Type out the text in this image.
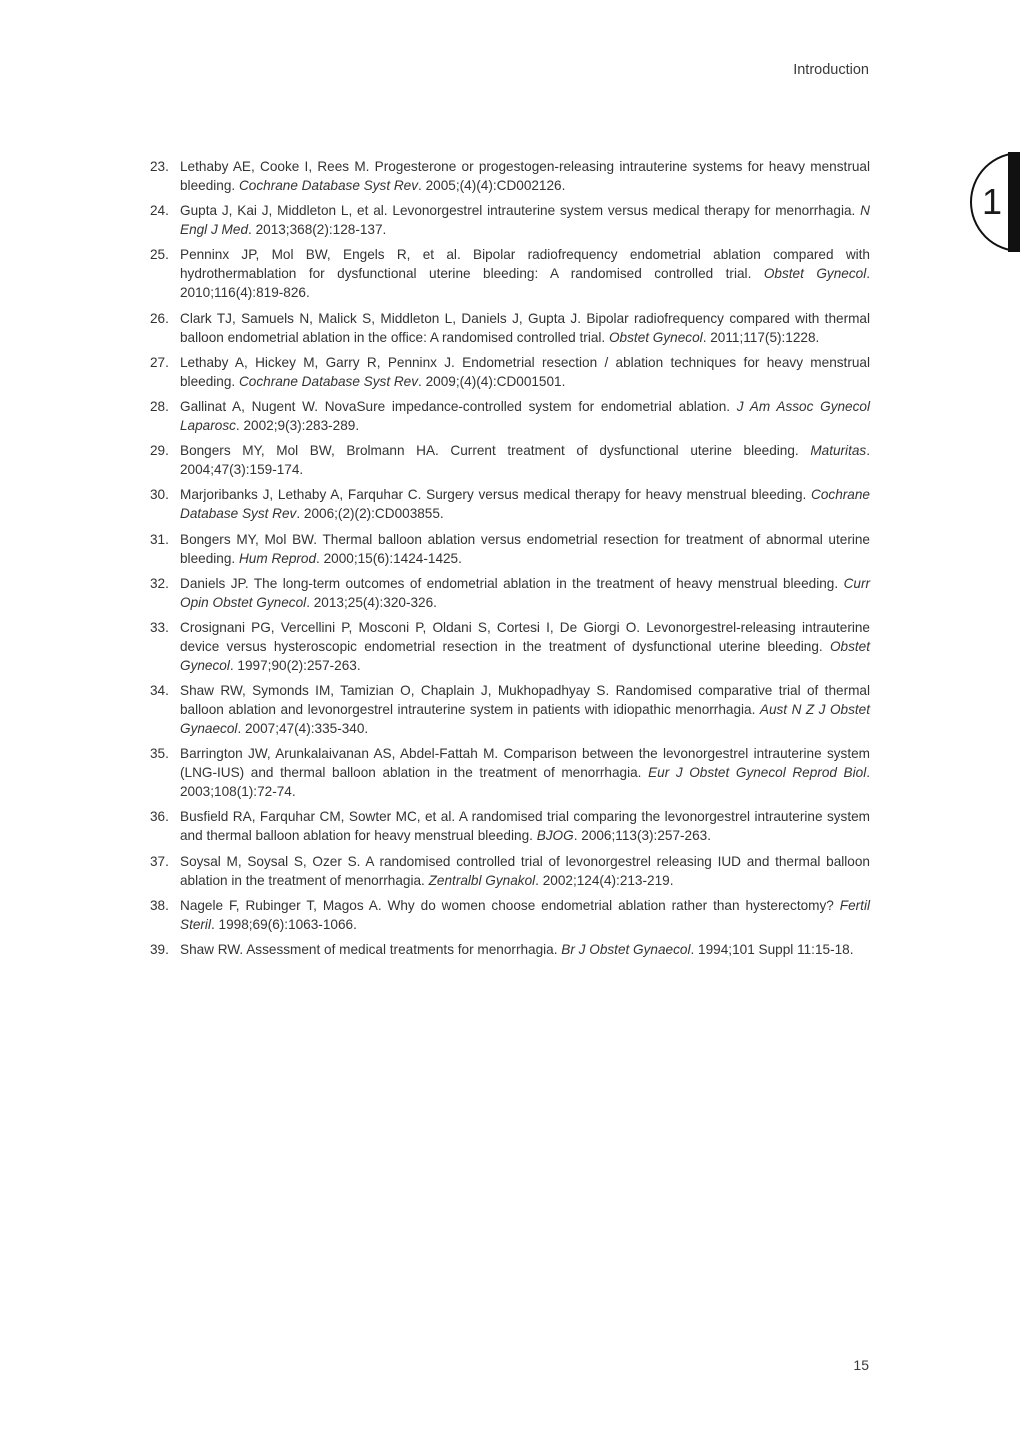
Introduction
1
23. Lethaby AE, Cooke I, Rees M. Progesterone or progestogen-releasing intrauterine systems for heavy menstrual bleeding. Cochrane Database Syst Rev. 2005;(4)(4):CD002126.
24. Gupta J, Kai J, Middleton L, et al. Levonorgestrel intrauterine system versus medical therapy for menorrhagia. N Engl J Med. 2013;368(2):128-137.
25. Penninx JP, Mol BW, Engels R, et al. Bipolar radiofrequency endometrial ablation compared with hydrothermablation for dysfunctional uterine bleeding: A randomised controlled trial. Obstet Gynecol. 2010;116(4):819-826.
26. Clark TJ, Samuels N, Malick S, Middleton L, Daniels J, Gupta J. Bipolar radiofrequency compared with thermal balloon endometrial ablation in the office: A randomised controlled trial. Obstet Gynecol. 2011;117(5):1228.
27. Lethaby A, Hickey M, Garry R, Penninx J. Endometrial resection / ablation techniques for heavy menstrual bleeding. Cochrane Database Syst Rev. 2009;(4)(4):CD001501.
28. Gallinat A, Nugent W. NovaSure impedance-controlled system for endometrial ablation. J Am Assoc Gynecol Laparosc. 2002;9(3):283-289.
29. Bongers MY, Mol BW, Brolmann HA. Current treatment of dysfunctional uterine bleeding. Maturitas. 2004;47(3):159-174.
30. Marjoribanks J, Lethaby A, Farquhar C. Surgery versus medical therapy for heavy menstrual bleeding. Cochrane Database Syst Rev. 2006;(2)(2):CD003855.
31. Bongers MY, Mol BW. Thermal balloon ablation versus endometrial resection for treatment of abnormal uterine bleeding. Hum Reprod. 2000;15(6):1424-1425.
32. Daniels JP. The long-term outcomes of endometrial ablation in the treatment of heavy menstrual bleeding. Curr Opin Obstet Gynecol. 2013;25(4):320-326.
33. Crosignani PG, Vercellini P, Mosconi P, Oldani S, Cortesi I, De Giorgi O. Levonorgestrel-releasing intrauterine device versus hysteroscopic endometrial resection in the treatment of dysfunctional uterine bleeding. Obstet Gynecol. 1997;90(2):257-263.
34. Shaw RW, Symonds IM, Tamizian O, Chaplain J, Mukhopadhyay S. Randomised comparative trial of thermal balloon ablation and levonorgestrel intrauterine system in patients with idiopathic menorrhagia. Aust N Z J Obstet Gynaecol. 2007;47(4):335-340.
35. Barrington JW, Arunkalaivanan AS, Abdel-Fattah M. Comparison between the levonorgestrel intrauterine system (LNG-IUS) and thermal balloon ablation in the treatment of menorrhagia. Eur J Obstet Gynecol Reprod Biol. 2003;108(1):72-74.
36. Busfield RA, Farquhar CM, Sowter MC, et al. A randomised trial comparing the levonorgestrel intrauterine system and thermal balloon ablation for heavy menstrual bleeding. BJOG. 2006;113(3):257-263.
37. Soysal M, Soysal S, Ozer S. A randomised controlled trial of levonorgestrel releasing IUD and thermal balloon ablation in the treatment of menorrhagia. Zentralbl Gynakol. 2002;124(4):213-219.
38. Nagele F, Rubinger T, Magos A. Why do women choose endometrial ablation rather than hysterectomy? Fertil Steril. 1998;69(6):1063-1066.
39. Shaw RW. Assessment of medical treatments for menorrhagia. Br J Obstet Gynaecol. 1994;101 Suppl 11:15-18.
15
